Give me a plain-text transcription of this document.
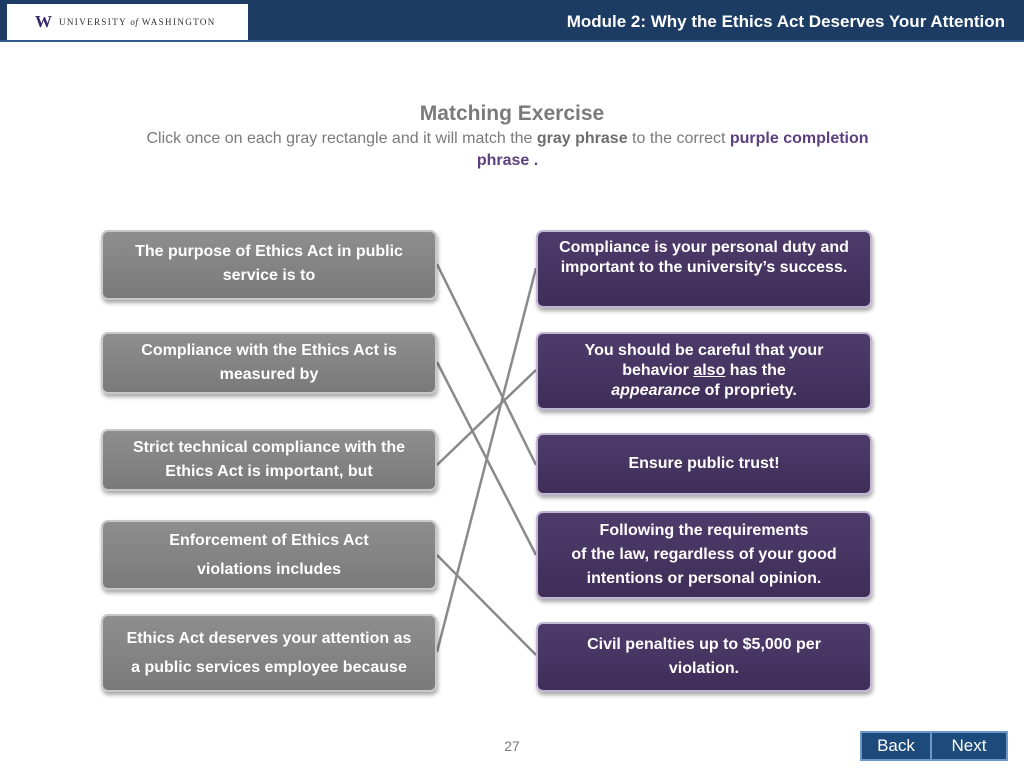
W UNIVERSITY of WASHINGTON	Module 2: Why the Ethics Act Deserves Your Attention
Matching Exercise
Click once on each gray rectangle and it will match the gray phrase to the correct purple completion phrase .
The purpose of Ethics Act in public service is to
Compliance with the Ethics Act is measured by
Strict technical compliance with the Ethics Act is important, but
Enforcement of Ethics Act
violations includes
Ethics Act deserves your attention as
a public services employee because
Compliance is your personal duty and important to the university’s success.
You should be careful that your behavior also has the
appearance of propriety.
Ensure public trust!
Following the requirements
of the law, regardless of your good
intentions or personal opinion.
Civil penalties up to $5,000 per violation.
27	Back	Next
